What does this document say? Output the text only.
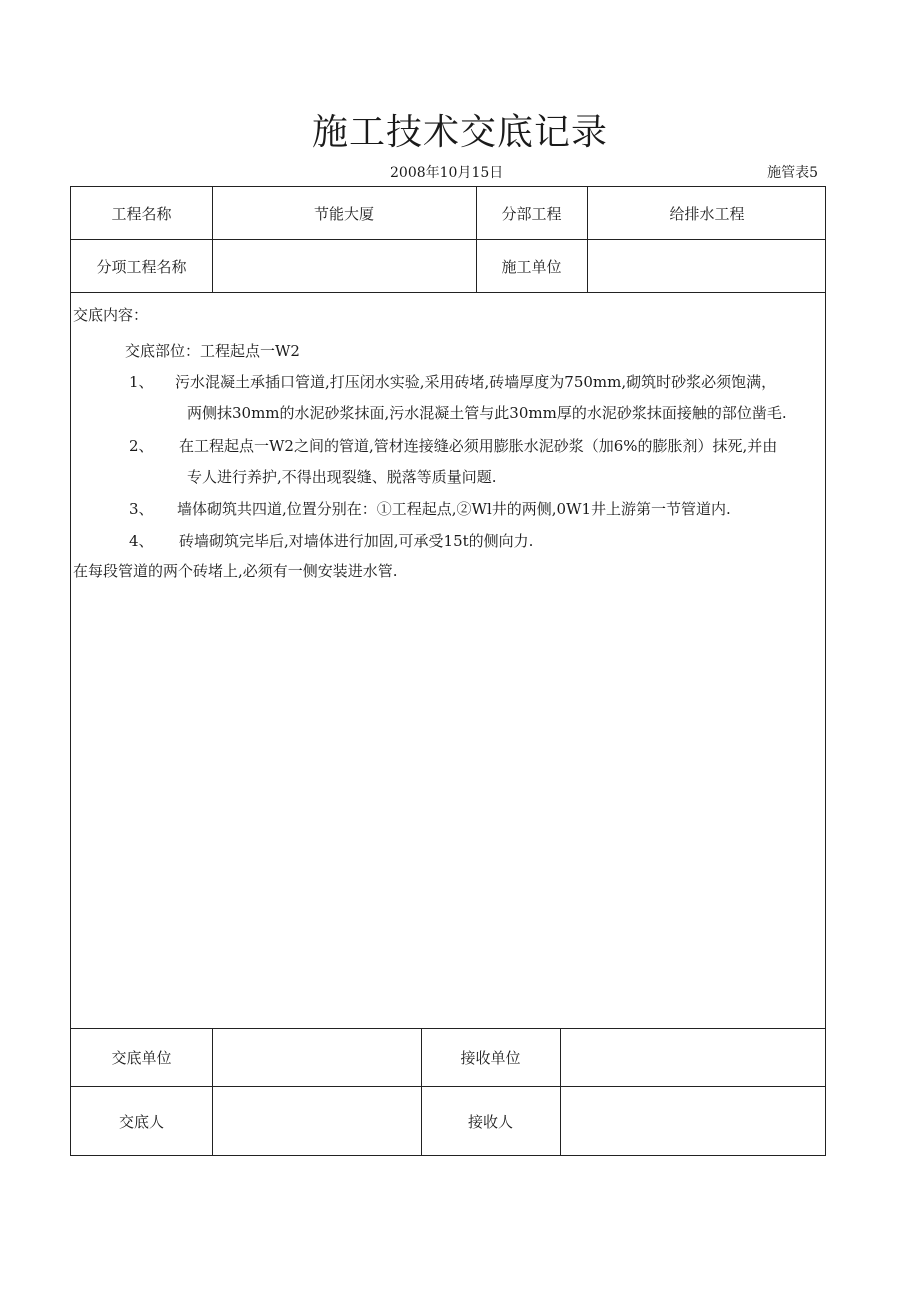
施工技术交底记录
2008年10月15日	施管表5
工程名称	节能大厦	分部工程	给排水工程
分项工程名称	施工单位
交底内容：
交底部位：工程起点一W2
1、 污水混凝土承插口管道,打压闭水实验,采用砖堵,砖墙厚度为750mm,砌筑时砂浆必须饱满，
两侧抹30mm的水泥砂浆抹面,污水混凝土管与此30mm厚的水泥砂浆抹面接触的部位凿毛.
2、 在工程起点一W2之间的管道,管材连接缝必须用膨胀水泥砂浆（加6%的膨胀剂）抹死,并由
专人进行养护,不得出现裂缝、脱落等质量问题.
3、 墙体砌筑共四道,位置分别在：①工程起点,②Wl井的两侧,0W1井上游第一节管道内.
4、 砖墙砌筑完毕后,对墙体进行加固,可承受15t的侧向力.
在每段管道的两个砖堵上,必须有一侧安装进水管.
交底单位	接收单位
交底人	接收人
